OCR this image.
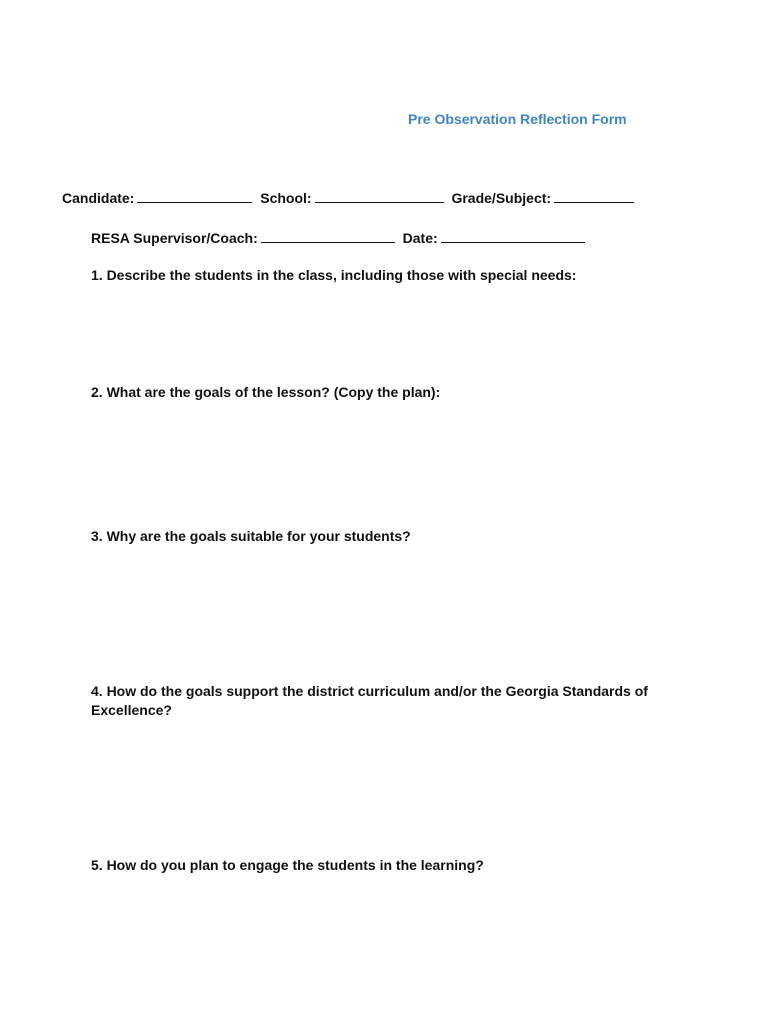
Pre Observation Reflection Form
Candidate:	School:	Grade/Subject:
RESA Supervisor/Coach:	Date:
1. Describe the students in the class, including those with special needs:
2. What are the goals of the lesson? (Copy the plan):
3. Why are the goals suitable for your students?
4. How do the goals support the district curriculum and/or the Georgia Standards of Excellence?
5. How do you plan to engage the students in the learning?
